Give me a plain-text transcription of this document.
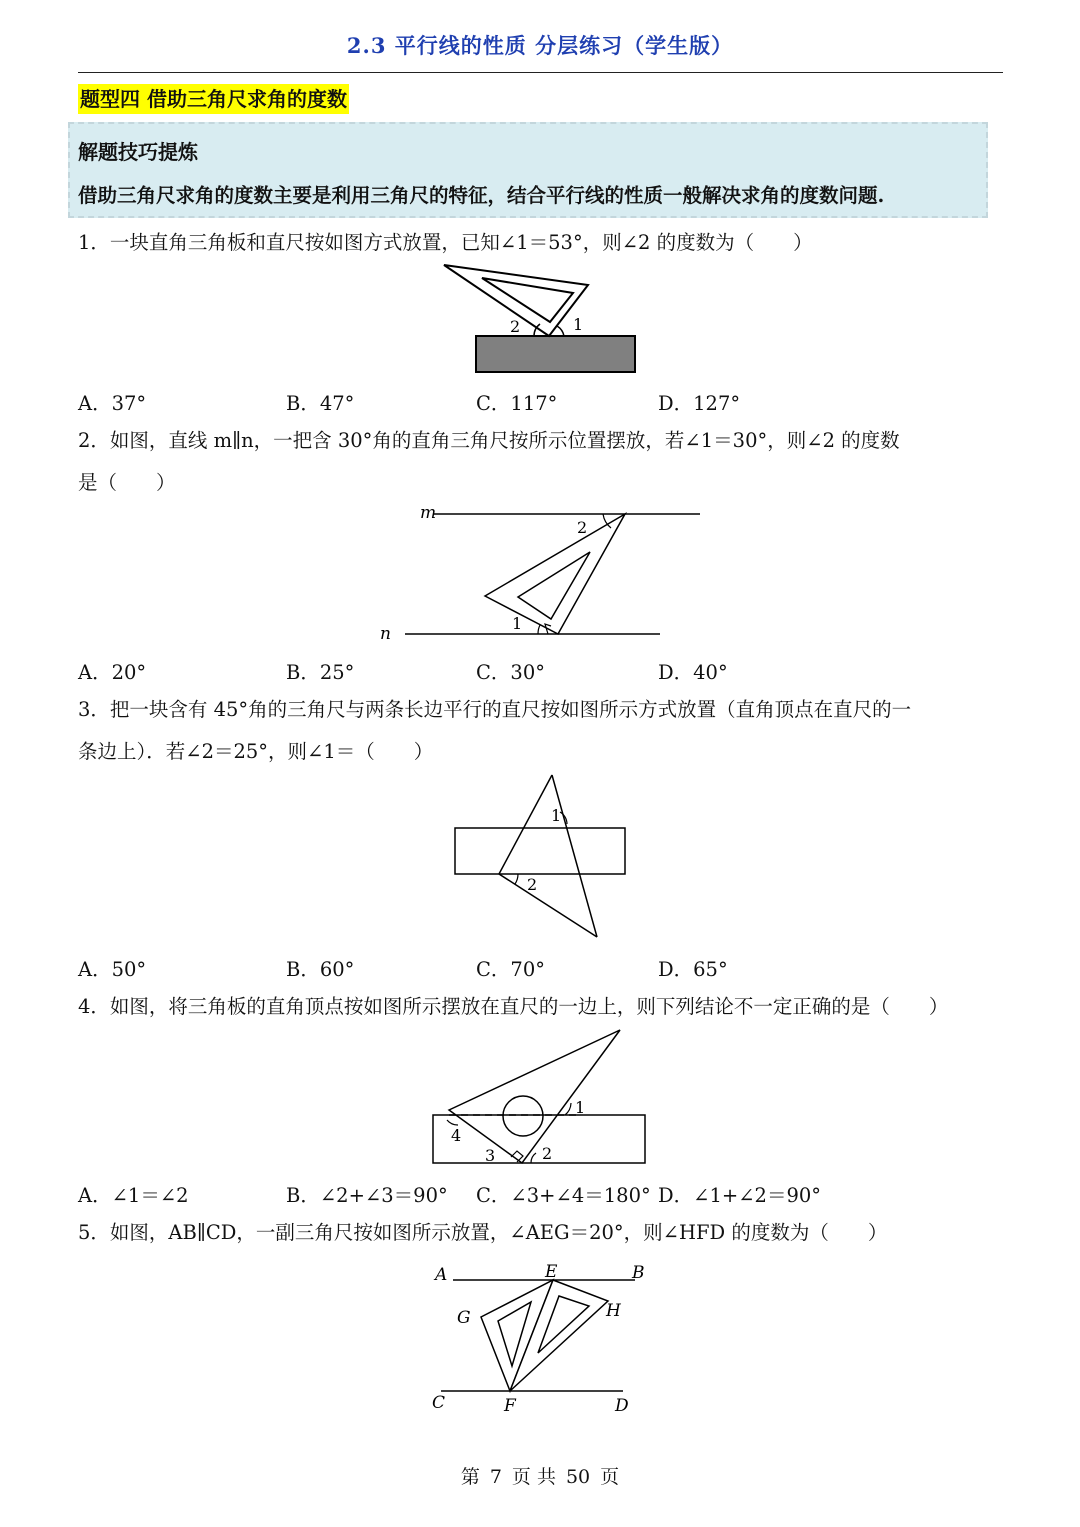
2.3 平行线的性质 分层练习（学生版）
题型四 借助三角尺求角的度数
解题技巧提炼
借助三角尺求角的度数主要是利用三角尺的特征，结合平行线的性质一般解决求角的度数问题.
1．一块直角三角板和直尺按如图方式放置，已知∠1＝53°，则∠2 的度数为（　　）
2	1
A．37°	B．47°	C．117°	D．127°
2．如图，直线 m∥n，一把含 30°角的直角三角尺按所示位置摆放，若∠1＝30°，则∠2 的度数
是（　　）
m
n
2
1
A．20°	B．25°	C．30°	D．40°
3．把一块含有 45°角的三角尺与两条长边平行的直尺按如图所示方式放置（直角顶点在直尺的一
条边上）．若∠2＝25°，则∠1＝（　　）
1
2
A．50°	B．60°	C．70°	D．65°
4．如图，将三角板的直角顶点按如图所示摆放在直尺的一边上，则下列结论不一定正确的是（　　）
1
4
3	2
A．∠1＝∠2	B．∠2+∠3＝90° C．∠3+∠4＝180° D．∠1+∠2＝90°
5．如图，AB∥CD，一副三角尺按如图所示放置，∠AEG＝20°，则∠HFD 的度数为（　　）
A	E	B
G	H
C	F	D
第 7 页 共 50 页
